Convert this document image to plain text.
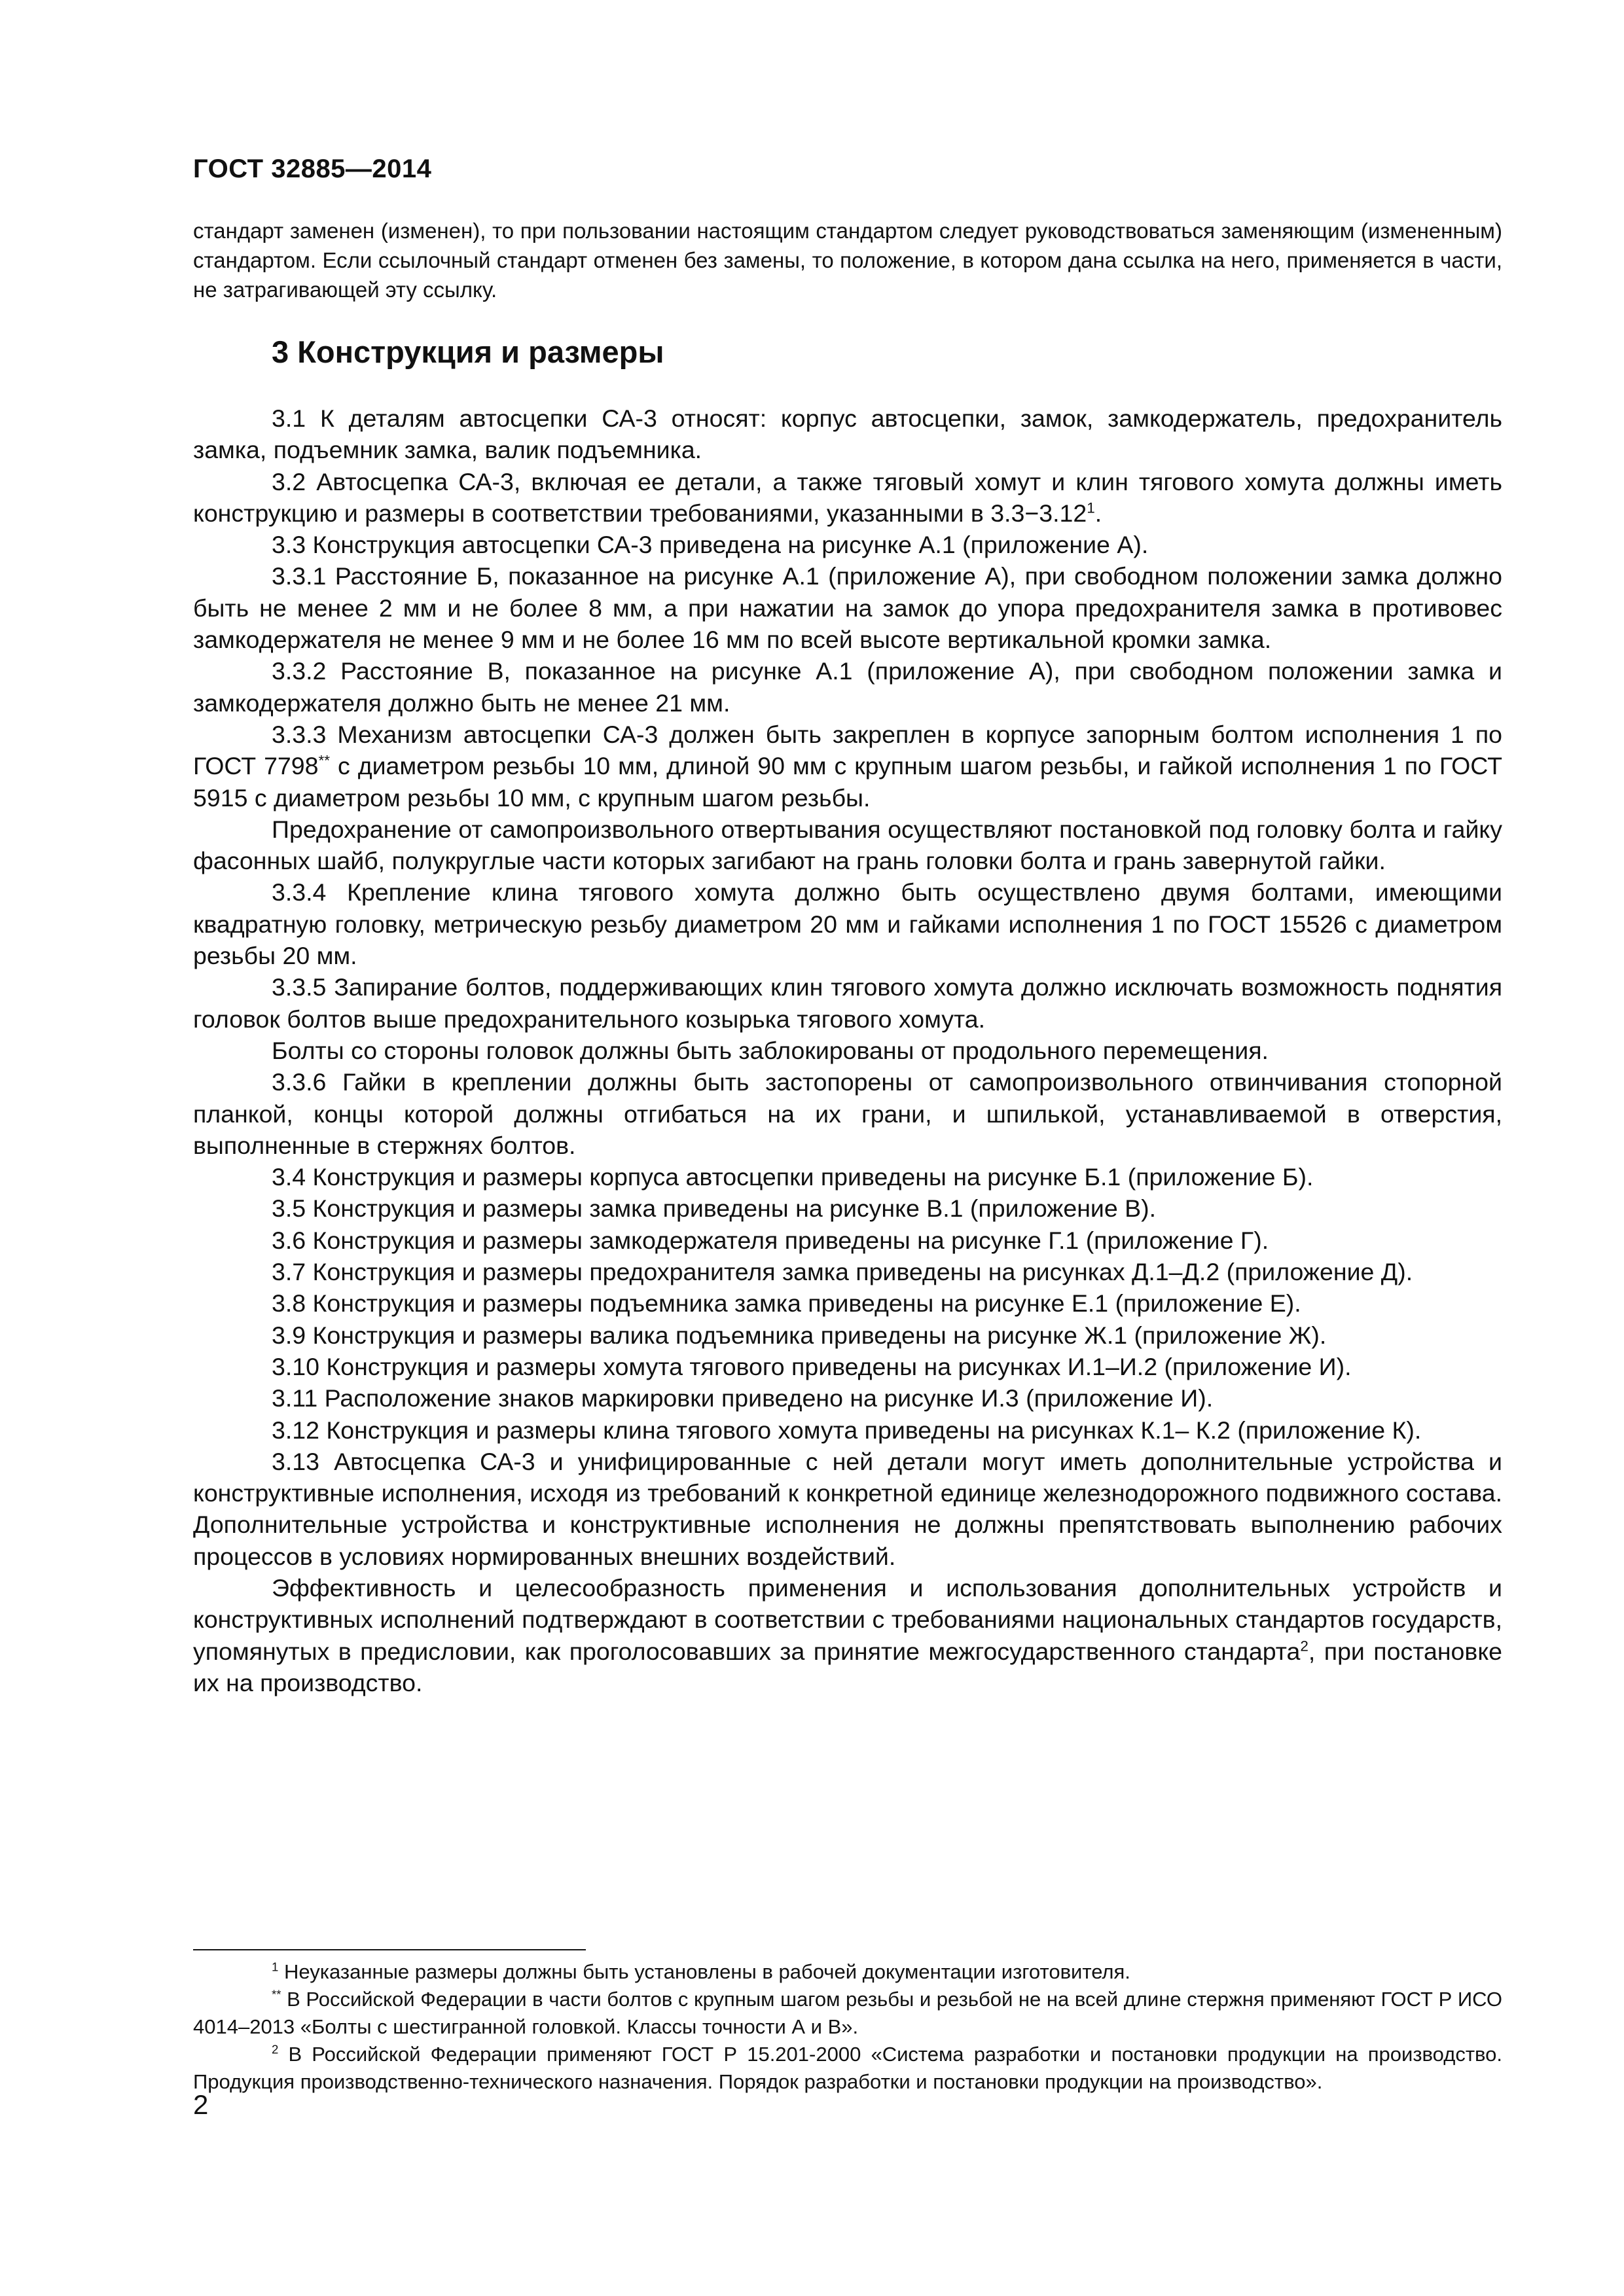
ГОСТ 32885—2014
стандарт заменен (изменен), то при пользовании настоящим стандартом следует руководствоваться заменяющим (измененным) стандартом. Если ссылочный стандарт отменен без замены, то положение, в котором дана ссылка на него, применяется в части, не затрагивающей эту ссылку.
3 Конструкция и размеры

3.1 К деталям автосцепки СА-3 относят: корпус автосцепки, замок, замкодержатель, предохранитель замка, подъемник замка, валик подъемника.

3.2 Автосцепка СА-3, включая ее детали, а также тяговый хомут и клин тягового хомута должны иметь конструкцию и размеры в соответствии требованиями, указанными в $3.3-3.12^1$.

3.3 Конструкция автосцепки СА-3 приведена на рисунке А.1 (приложение А).

3.3.1 Расстояние Б, показанное на рисунке А.1 (приложение А), при свободном положении замка должно быть не менее 2 мм и не более 8 мм, а при нажатии на замок до упора предохранителя замка в противовес замкодержателя не менее 9 мм и не более 16 мм по всей высоте вертикальной кромки замка.

3.3.2 Расстояние В, показанное на рисунке А.1 (приложение А), при свободном положении замка и замкодержателя должно быть не менее 21 мм.

3.3.3 Механизм автосцепки СА-3 должен быть закреплен в корпусе запорным болтом исполнения 1 по ГОСТ 7798** с диаметром резьбы 10 мм, длиной 90 мм с крупным шагом резьбы, и гайкой исполнения 1 по ГОСТ 5915 с диаметром резьбы 10 мм, с крупным шагом резьбы.

Предохранение от самопроизвольного отвертывания осуществляют постановкой под головку болта и гайку фасонных шайб, полукруглые части которых загибают на грань головки болта и грань завернутой гайки.

3.3.4 Крепление клина тягового хомута должно быть осуществлено двумя болтами, имеющими квадратную головку, метрическую резьбу диаметром 20 мм и гайками исполнения 1 по ГОСТ 15526 с диаметром резьбы 20 мм.

3.3.5 Запирание болтов, поддерживающих клин тягового хомута должно исключать возможность поднятия головок болтов выше предохранительного козырька тягового хомута.

Болты со стороны головок должны быть заблокированы от продольного перемещения.

3.3.6 Гайки в креплении должны быть застопорены от самопроизвольного отвинчивания стопорной планкой, концы которой должны отгибаться на их грани, и шпилькой, устанавливаемой в отверстия, выполненные в стержнях болтов.

3.4 Конструкция и размеры корпуса автосцепки приведены на рисунке Б.1 (приложение Б).

3.5 Конструкция и размеры замка приведены на рисунке В.1 (приложение В).

3.6 Конструкция и размеры замкодержателя приведены на рисунке Г.1 (приложение Г).

3.7 Конструкция и размеры предохранителя замка приведены на рисунках Д.1–Д.2 (приложение Д).

3.8 Конструкция и размеры подъемника замка приведены на рисунке Е.1 (приложение Е).

3.9 Конструкция и размеры валика подъемника приведены на рисунке Ж.1 (приложение Ж).

3.10 Конструкция и размеры хомута тягового приведены на рисунках И.1–И.2 (приложение И).

3.11 Расположение знаков маркировки приведено на рисунке И.3 (приложение И).

3.12 Конструкция и размеры клина тягового хомута приведены на рисунках К.1– К.2 (приложение К).

3.13 Автосцепка СА-3 и унифицированные с ней детали могут иметь дополнительные устройства и конструктивные исполнения, исходя из требований к конкретной единице железнодорожного подвижного состава. Дополнительные устройства и конструктивные исполнения не должны препятствовать выполнению рабочих процессов в условиях нормированных внешних воздействий.

Эффективность и целесообразность применения и использования дополнительных устройств и конструктивных исполнений подтверждают в соответствии с требованиями национальных стандартов государств, упомянутых в предисловии, как проголосовавших за принятие межгосударственного стандарта$^2$, при постановке их на производство.

$^1$ Неуказанные размеры должны быть установлены в рабочей документации изготовителя.

** В Российской Федерации в части болтов с крупным шагом резьбы и резьбой не на всей длине стержня применяют ГОСТ Р ИСО 4014–2013 «Болты с шестигранной головкой. Классы точности А и В».

$^2$ В Российской Федерации применяют ГОСТ Р 15.201-2000 «Система разработки и постановки продукции на производство. Продукция производственно-технического назначения. Порядок разработки и постановки продукции на производство».

2
